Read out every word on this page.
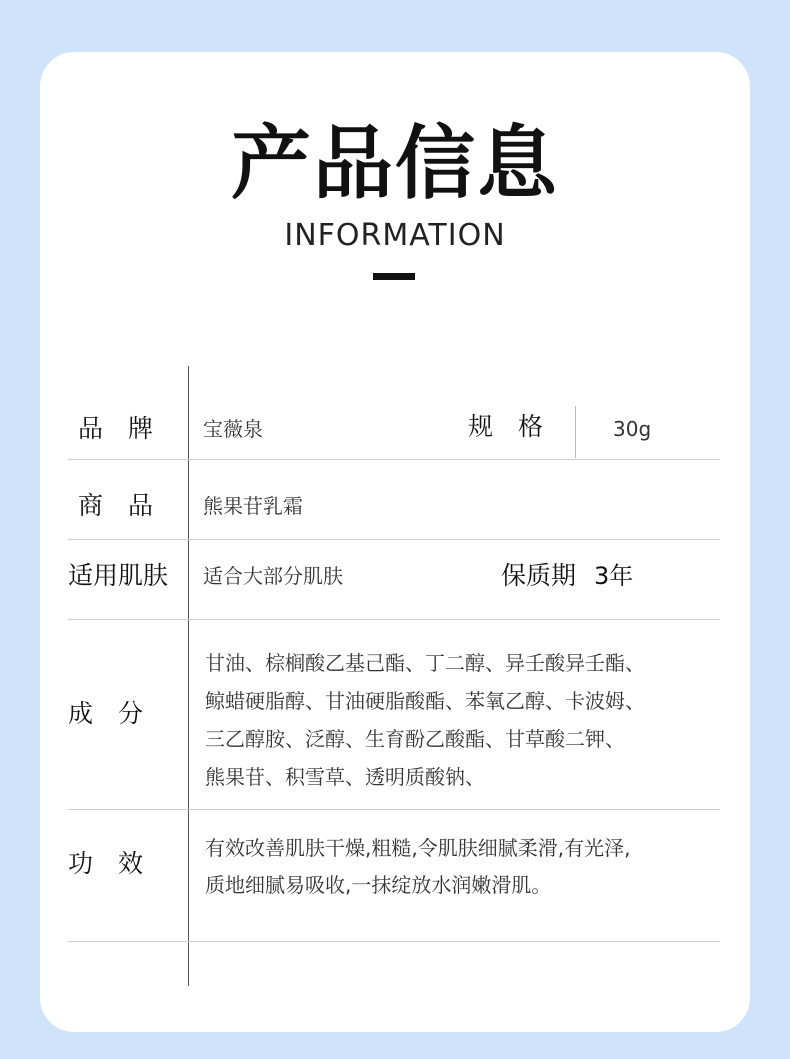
产品信息
INFORMATION
品　牌 宝薇泉	规　格	30g
商　品 熊果苷乳霜
适用肌肤 适合大部分肌肤	保质期 3年
成　分
甘油、棕榈酸乙基己酯、丁二醇、异壬酸异壬酯、
鲸蜡硬脂醇、甘油硬脂酸酯、苯氧乙醇、卡波姆、
三乙醇胺、泛醇、生育酚乙酸酯、甘草酸二钾、
熊果苷、积雪草、透明质酸钠、
功　效
有效改善肌肤干燥,粗糙,令肌肤细腻柔滑,有光泽,
质地细腻易吸收,一抹绽放水润嫩滑肌。
